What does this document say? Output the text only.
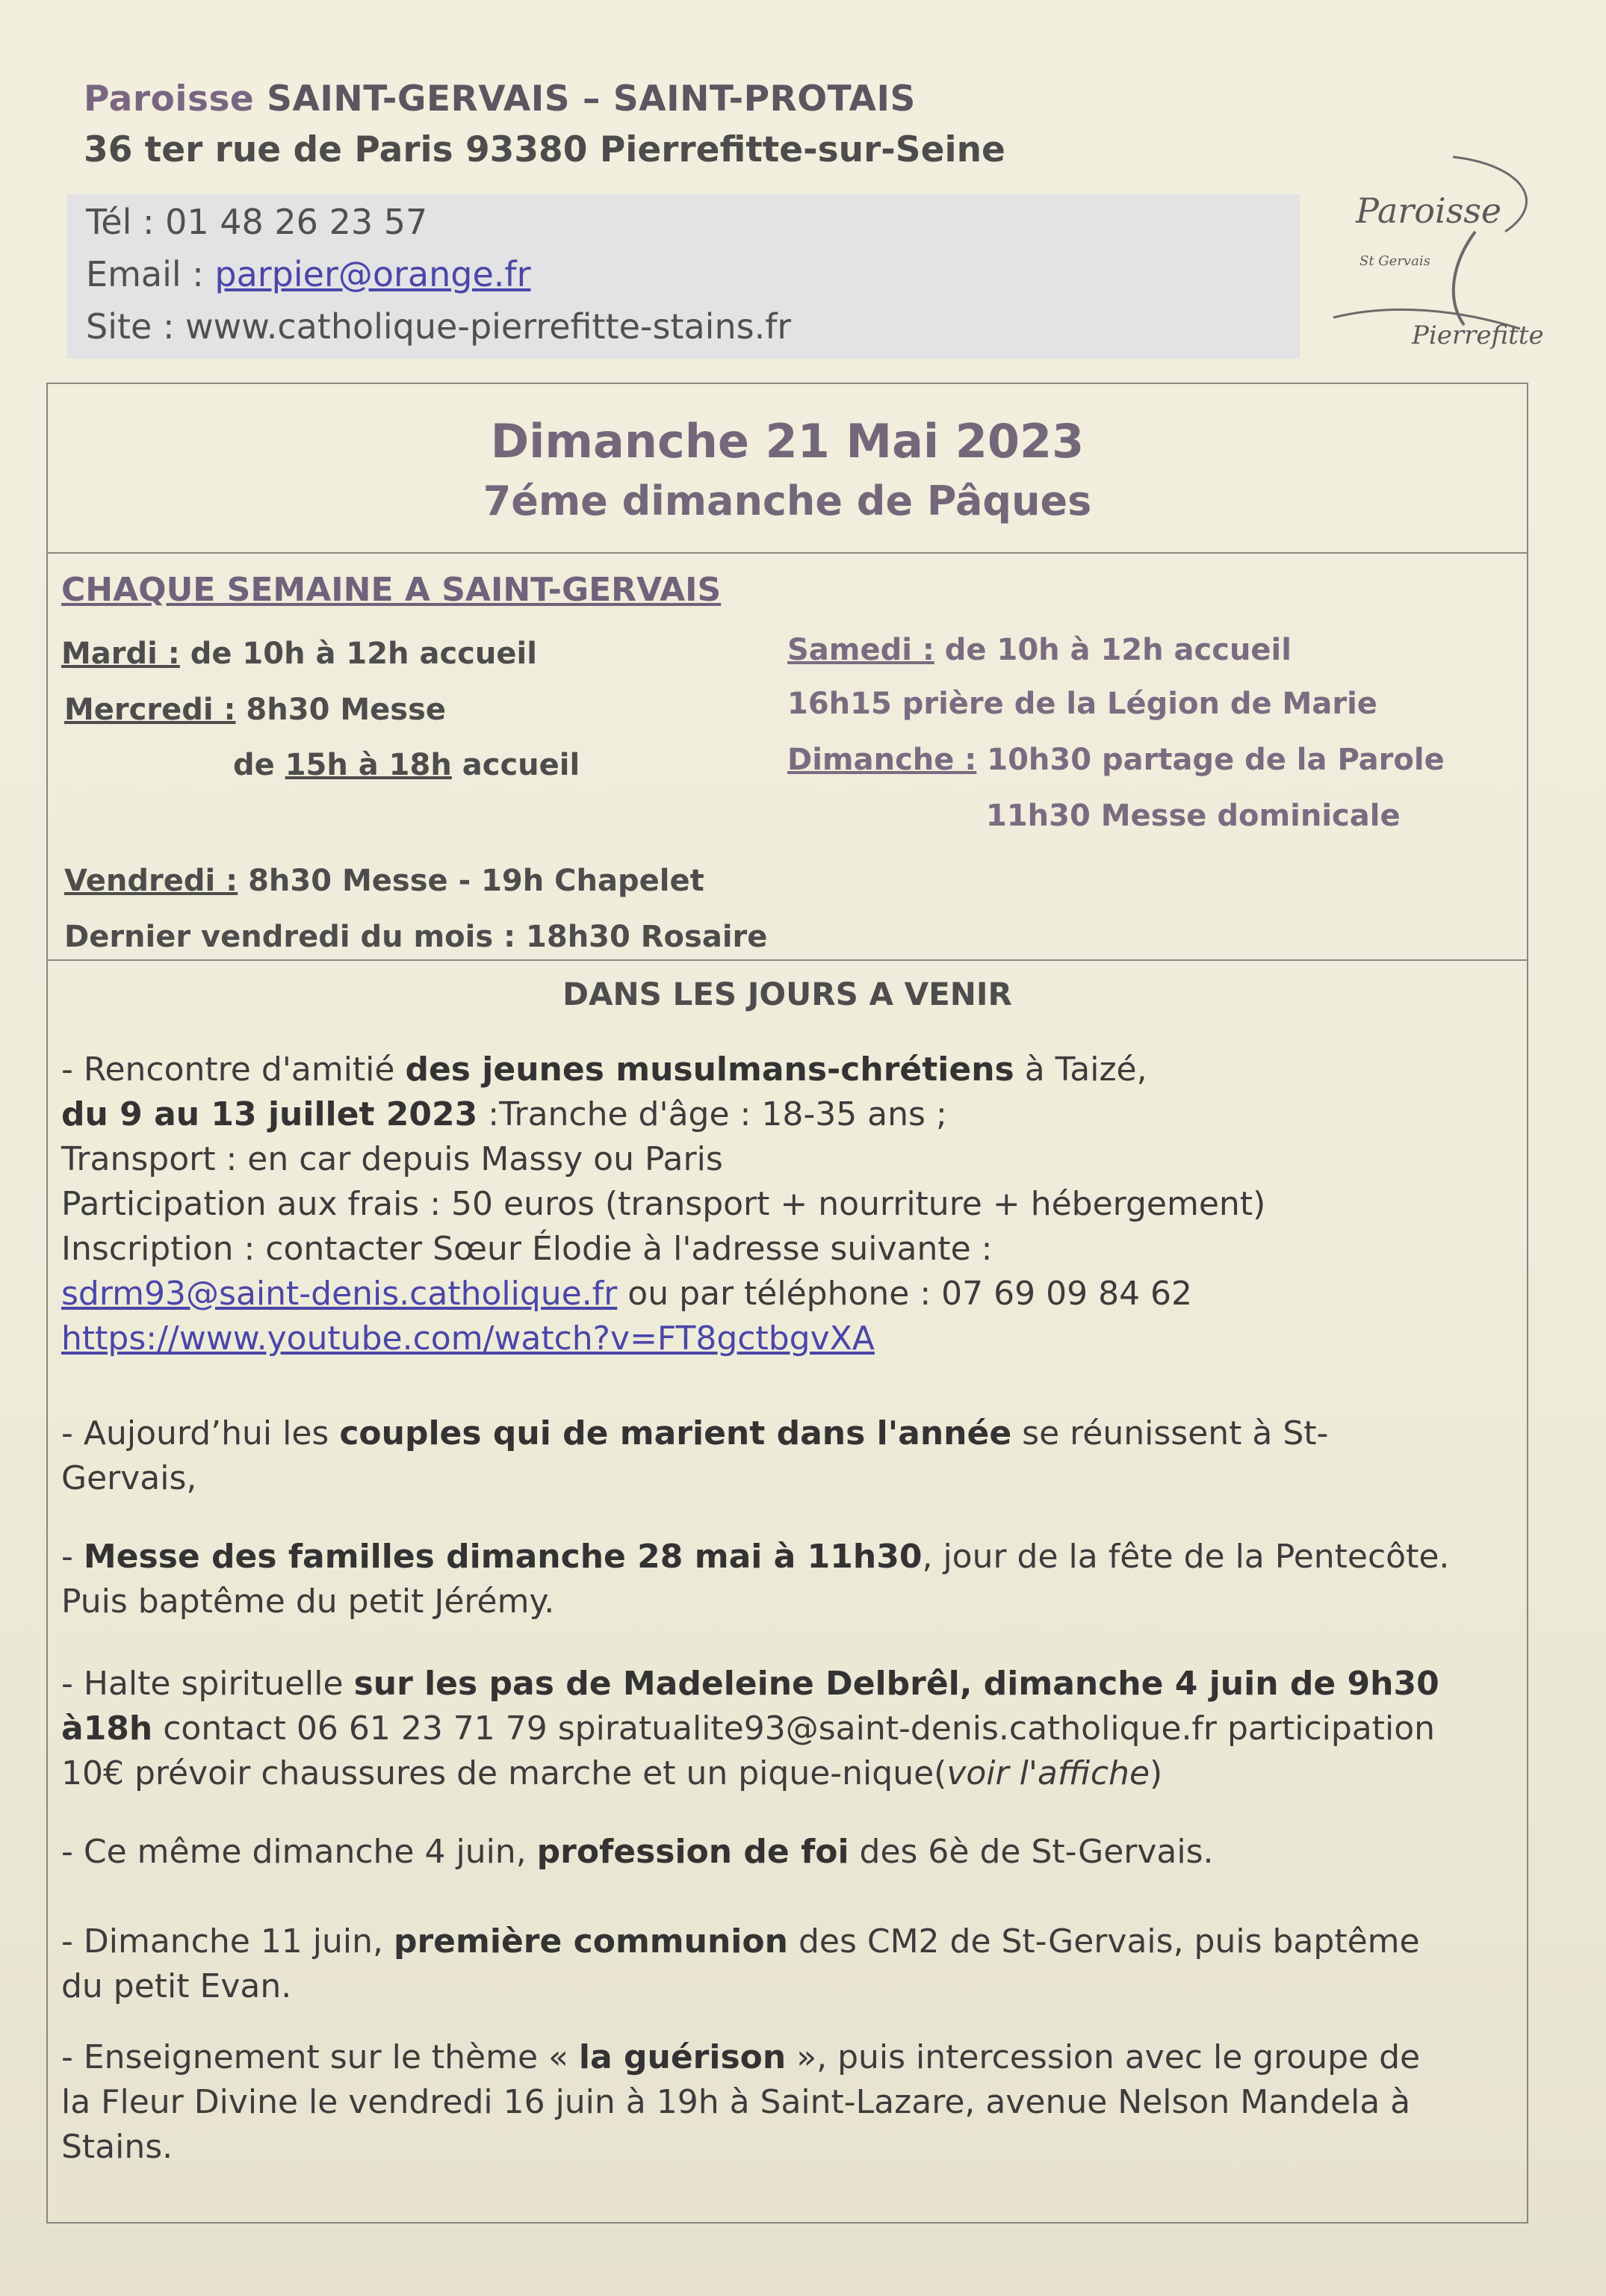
Paroisse SAINT-GERVAIS – SAINT-PROTAIS
36 ter rue de Paris 93380 Pierrefitte-sur-Seine
Tél : 01 48 26 23 57
Email : parpier@orange.fr
Site : www.catholique-pierrefitte-stains.fr
Paroisse
St Gervais
Pierrefitte
Dimanche 21 Mai 2023
7éme dimanche de Pâques
CHAQUE SEMAINE A SAINT-GERVAIS
Mardi : de 10h à 12h accueil
Mercredi : 8h30 Messe
de 15h à 18h accueil
Samedi : de 10h à 12h accueil
16h15 prière de la Légion de Marie
Dimanche : 10h30 partage de la Parole
11h30 Messe dominicale
Vendredi : 8h30 Messe - 19h Chapelet
Dernier vendredi du mois : 18h30 Rosaire
DANS LES JOURS A VENIR
- Rencontre d'amitié des jeunes musulmans-chrétiens à Taizé,
du 9 au 13 juillet 2023 :Tranche d'âge : 18-35 ans ;
Transport : en car depuis Massy ou Paris
Participation aux frais : 50 euros (transport + nourriture + hébergement)
Inscription : contacter Sœur Élodie à l'adresse suivante :
sdrm93@saint-denis.catholique.fr ou par téléphone : 07 69 09 84 62
https://www.youtube.com/watch?v=FT8gctbgvXA
- Aujourd’hui les couples qui de marient dans l'année se réunissent à St-
Gervais,
- Messe des familles dimanche 28 mai à 11h30, jour de la fête de la Pentecôte.
Puis baptême du petit Jérémy.
- Halte spirituelle sur les pas de Madeleine Delbrêl, dimanche 4 juin de 9h30
à18h contact 06 61 23 71 79 spiratualite93@saint-denis.catholique.fr participation
10€ prévoir chaussures de marche et un pique-nique(voir l'affiche)
- Ce même dimanche 4 juin, profession de foi des 6è de St-Gervais.
- Dimanche 11 juin, première communion des CM2 de St-Gervais, puis baptême
du petit Evan.
- Enseignement sur le thème « la guérison », puis intercession avec le groupe de
la Fleur Divine le vendredi 16 juin à 19h à Saint-Lazare, avenue Nelson Mandela à
Stains.
